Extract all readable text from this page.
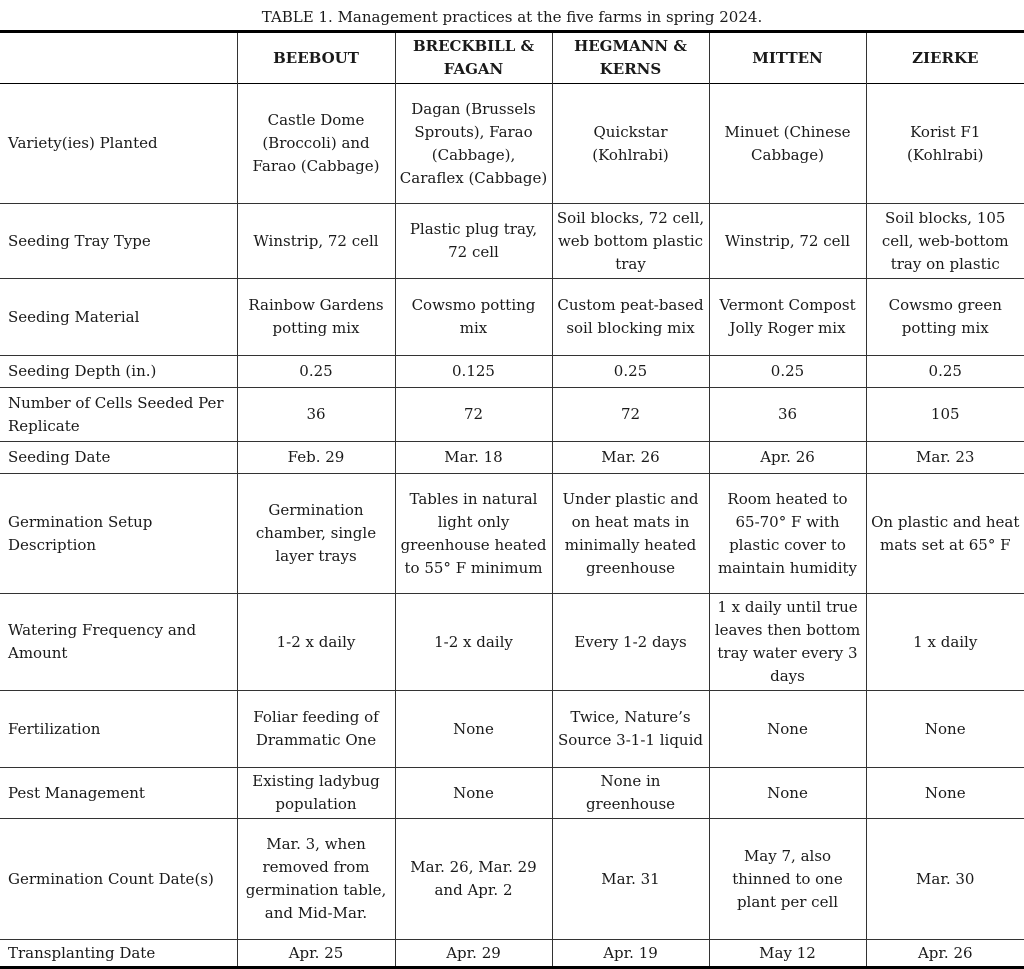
TABLE 1. Management practices at the five farms in spring 2024.
	BEEBOUT	BRECKBILL & FAGAN	HEGMANN & KERNS	MITTEN	ZIERKE
Variety(ies) Planted	Castle Dome (Broccoli) and Farao (Cabbage)	Dagan (Brussels Sprouts), Farao (Cabbage), Caraflex (Cabbage)	Quickstar (Kohlrabi)	Minuet (Chinese Cabbage)	Korist F1 (Kohlrabi)
Seeding Tray Type	Winstrip, 72 cell	Plastic plug tray, 72 cell	Soil blocks, 72 cell, web bottom plastic tray	Winstrip, 72 cell	Soil blocks, 105 cell, web-bottom tray on plastic
Seeding Material	Rainbow Gardens potting mix	Cowsmo potting mix	Custom peat-based soil blocking mix	Vermont Compost Jolly Roger mix	Cowsmo green potting mix
Seeding Depth (in.)	0.25	0.125	0.25	0.25	0.25
Number of Cells Seeded Per Replicate	36	72	72	36	105
Seeding Date	Feb. 29	Mar. 18	Mar. 26	Apr. 26	Mar. 23
Germination Setup Description	Germination chamber, single layer trays	Tables in natural light only greenhouse heated to 55° F minimum	Under plastic and on heat mats in minimally heated greenhouse	Room heated to 65-70° F with plastic cover to maintain humidity	On plastic and heat mats set at 65° F
Watering Frequency and Amount	1-2 x daily	1-2 x daily	Every 1-2 days	1 x daily until true leaves then bottom tray water every 3 days	1 x daily
Fertilization	Foliar feeding of Drammatic One	None	Twice, Nature’s Source 3-1-1 liquid	None	None
Pest Management	Existing ladybug population	None	None in greenhouse	None	None
Germination Count Date(s)	Mar. 3, when removed from germination table, and Mid-Mar.	Mar. 26, Mar. 29 and Apr. 2	Mar. 31	May 7, also thinned to one plant per cell	Mar. 30
Transplanting Date	Apr. 25	Apr. 29	Apr. 19	May 12	Apr. 26
